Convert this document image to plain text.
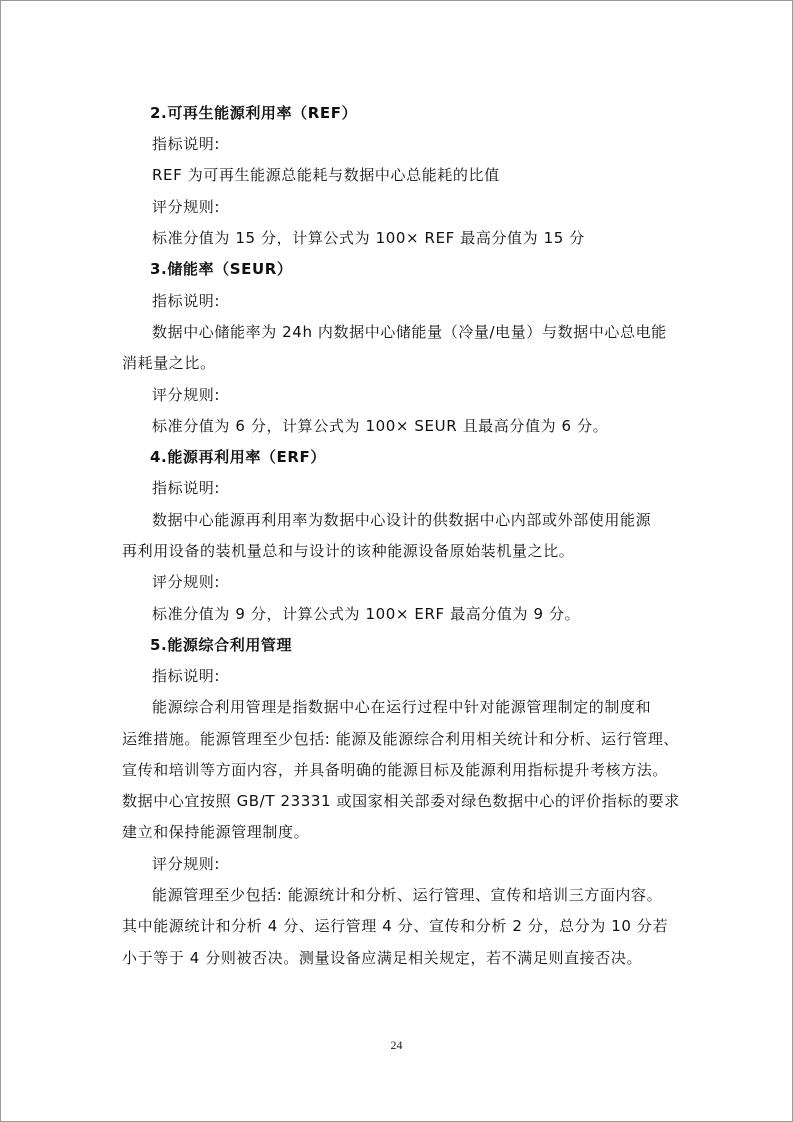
2.可再生能源利用率（REF）
指标说明:
REF 为可再生能源总能耗与数据中心总能耗的比值
评分规则:
标准分值为 15 分，计算公式为 100× REF 最高分值为 15 分
3.储能率（SEUR）
指标说明:
数据中心储能率为 24h 内数据中心储能量（冷量/电量）与数据中心总电能
消耗量之比。
评分规则:
标准分值为 6 分，计算公式为 100× SEUR 且最高分值为 6 分。
4.能源再利用率（ERF）
指标说明:
数据中心能源再利用率为数据中心设计的供数据中心内部或外部使用能源
再利用设备的装机量总和与设计的该种能源设备原始装机量之比。
评分规则:
标准分值为 9 分，计算公式为 100× ERF 最高分值为 9 分。
5.能源综合利用管理
指标说明:
能源综合利用管理是指数据中心在运行过程中针对能源管理制定的制度和
运维措施。能源管理至少包括: 能源及能源综合利用相关统计和分析、运行管理、
宣传和培训等方面内容，并具备明确的能源目标及能源利用指标提升考核方法。
数据中心宜按照 GB/T 23331 或国家相关部委对绿色数据中心的评价指标的要求
建立和保持能源管理制度。
评分规则:
能源管理至少包括: 能源统计和分析、运行管理、宣传和培训三方面内容。
其中能源统计和分析 4 分、运行管理 4 分、宣传和分析 2 分，总分为 10 分若
小于等于 4 分则被否决。测量设备应满足相关规定，若不满足则直接否决。
24
